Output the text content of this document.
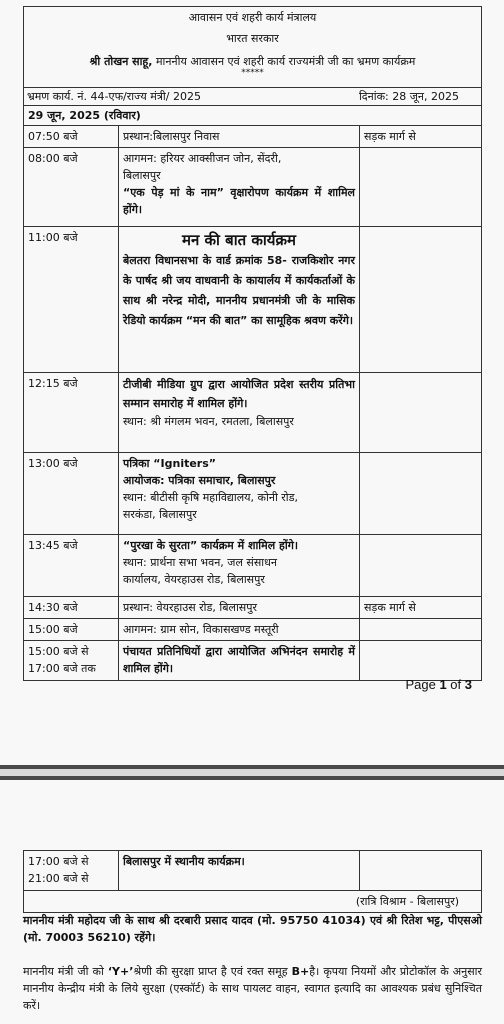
आवासन एवं शहरी कार्य मंत्रालय
भारत सरकार
श्री तोखन साहू, माननीय आवासन एवं शहरी कार्य राज्यमंत्री जी का भ्रमण कार्यक्रम
*****
भ्रमण कार्य. नं. 44-एफ/राज्य मंत्री/ 2025	दिनांक: 28 जून, 2025
29 जून, 2025 (रविवार)
07:50 बजे	प्रस्थान:बिलासपुर निवास	सड़क मार्ग से
08:00 बजे	आगमन: हरियर आक्सीजन जोन, सेंदरी,
बिलासपुर
“एक पेड़ मां के नाम” वृक्षारोपण कार्यक्रम में शामिल होंगे।	

11:00 बजे	मन की बात कार्यक्रम
बेलतरा विधानसभा के वार्ड क्रमांक 58- राजकिशोर नगर के पार्षद श्री जय वाधवानी के कायार्लय में कार्यकर्ताओं के साथ श्री नरेन्द्र मोदी, माननीय प्रधानमंत्री जी के मासिक रेडियो कार्यक्रम “मन की बात” का सामूहिक श्रवण करेंगे।	

12:15 बजे	टीजीबी मीडिया ग्रुप द्वारा आयोजित प्रदेश स्तरीय प्रतिभा सम्मान समारोह में शामिल होंगे।
स्थान: श्री मंगलम भवन, रमतला, बिलासपुर	

13:00 बजे	पत्रिका “Igniters”
आयोजक: पत्रिका समाचार, बिलासपुर
स्थान: बीटीसी कृषि महाविद्यालय, कोनी रोड,
सरकंडा, बिलासपुर	

13:45 बजे	“पुरखा के सुरता” कार्यक्रम में शामिल होंगे।
स्थान: प्रार्थना सभा भवन, जल संसाधन
कार्यालय, वेयरहाउस रोड, बिलासपुर	

14:30 बजे	प्रस्थान: वेयरहाउस रोड, बिलासपुर	सड़क मार्ग से
15:00 बजे	आगमन: ग्राम सोन, विकासखण्ड मस्तूरी	

15:00 बजे से
17:00 बजे तक	पंचायत प्रतिनिधियों द्वारा आयोजित अभिनंदन समारोह में शामिल होंगे।	

Page 1 of 3
17:00 बजे से
21:00 बजे से
	बिलासपुर में स्थानीय कार्यक्रम।	
(रात्रि विश्राम - बिलासपुर)
माननीय मंत्री महोदय जी के साथ श्री दरबारी प्रसाद यादव (मो. 95750 41034) एवं श्री रितेश भट्ट, पीएसओ (मो. 70003 56210) रहेंगे।
माननीय मंत्री जी को ‘Y+’श्रेणी की सुरक्षा प्राप्त है एवं रक्त समूह B+है। कृपया नियमों और प्रोटोकॉल के अनुसार माननीय केन्द्रीय मंत्री के लिये सुरक्षा (एस्कॉर्ट) के साथ पायलट वाहन, स्वागत इत्यादि का आवश्यक प्रबंध सुनिश्चित करें।
